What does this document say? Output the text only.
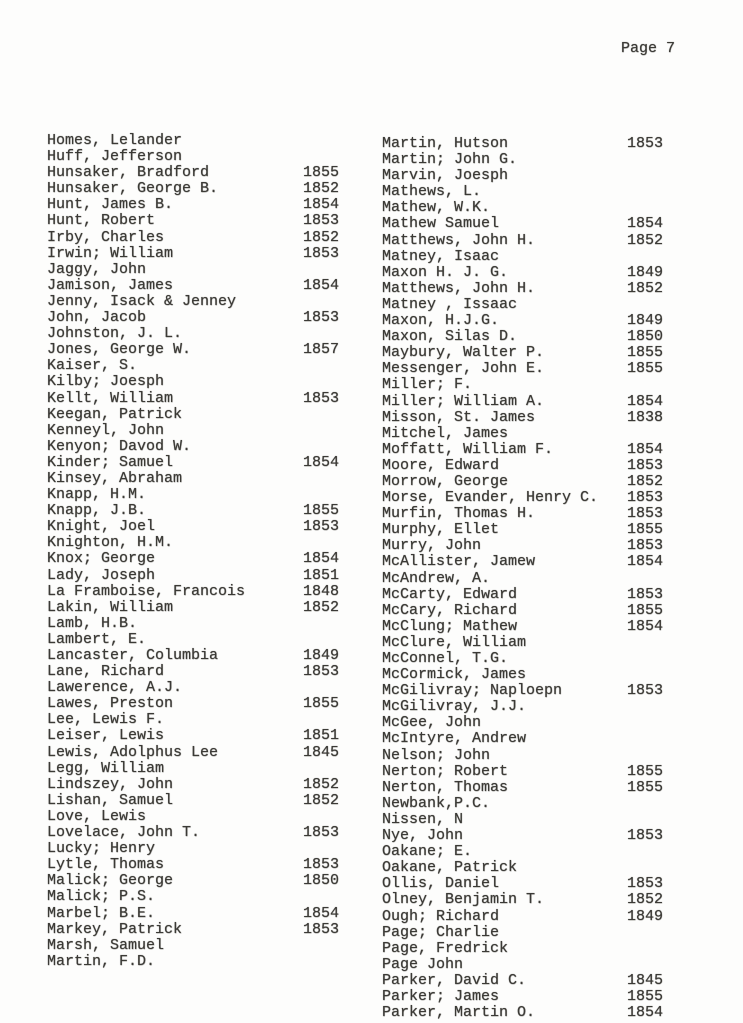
Page 7
Homes, Lelander
Huff, Jefferson
Hunsaker, Bradford	1855
Hunsaker, George B.	1852
Hunt, James B.	1854
Hunt, Robert	1853
Irby, Charles	1852
Irwin; William	1853
Jaggy, John
Jamison, James	1854
Jenny, Isack & Jenney
John, Jacob	1853
Johnston, J. L.
Jones, George W.	1857
Kaiser, S.
Kilby; Joesph
Kellt, William	1853
Keegan, Patrick
Kenneyl, John
Kenyon; Davod W.
Kinder; Samuel	1854
Kinsey, Abraham
Knapp, H.M.
Knapp, J.B.	1855
Knight, Joel	1853
Knighton, H.M.
Knox; George	1854
Lady, Joseph	1851
La Framboise, Francois	1848
Lakin, William	1852
Lamb, H.B.
Lambert, E.
Lancaster, Columbia	1849
Lane, Richard	1853
Lawerence, A.J.
Lawes, Preston	1855
Lee, Lewis F.
Leiser, Lewis	1851
Lewis, Adolphus Lee	1845
Legg, William
Lindszey, John	1852
Lishan, Samuel	1852
Love, Lewis
Lovelace, John T.	1853
Lucky; Henry
Lytle, Thomas	1853
Malick; George	1850
Malick; P.S.
Marbel; B.E.	1854
Markey, Patrick	1853
Marsh, Samuel
Martin, F.D.
Martin, Hutson	1853
Martin; John G.
Marvin, Joesph
Mathews, L.
Mathew, W.K.
Mathew Samuel	1854
Matthews, John H.	1852
Matney, Isaac
Maxon H. J. G.	1849
Matthews, John H.	1852
Matney , Issaac
Maxon, H.J.G.	1849
Maxon, Silas D.	1850
Maybury, Walter P.	1855
Messenger, John E.	1855
Miller; F.
Miller; William A.	1854
Misson, St. James	1838
Mitchel, James
Moffatt, William F.	1854
Moore, Edward	1853
Morrow, George	1852
Morse, Evander, Henry C. 1853
Murfin, Thomas H.	1853
Murphy, Ellet	1855
Murry, John	1853
McAllister, Jamew	1854
McAndrew, A.
McCarty, Edward	1853
McCary, Richard	1855
McClung; Mathew	1854
McClure, William
McConnel, T.G.
McCormick, James
McGilivray; Naploepn	1853
McGilivray, J.J.
McGee, John
McIntyre, Andrew
Nelson; John
Nerton; Robert	1855
Nerton, Thomas	1855
Newbank,P.C.
Nissen, N
Nye, John	1853
Oakane; E.
Oakane, Patrick
Ollis, Daniel	1853
Olney, Benjamin T.	1852
Ough; Richard	1849
Page; Charlie
Page, Fredrick
Page John
Parker, David C.	1845
Parker; James	1855
Parker, Martin O.	1854
